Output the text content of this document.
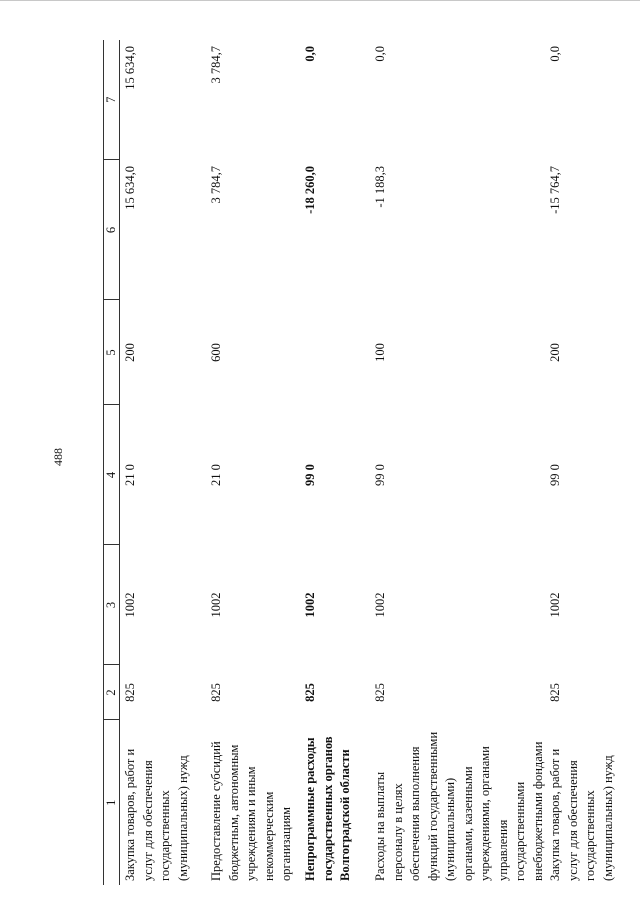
488
1	2	3	4	5	6	7
Закупка товаров, работ и услуг для обеспечения государственных (муниципальных) нужд	825	1002	21 0	200	15 634,0	15 634,0
Предоставление субсидий бюджетным, автономным учреждениям и иным некоммерческим организациям	825	1002	21 0	600	3 784,7	3 784,7
Непрограммные расходы государственных органов Волгоградской области	825	1002	99 0		-18 260,0	0,0
Расходы на выплаты персоналу в целях обеспечения выполнения функций государственными (муниципальными) органами, казенными учреждениями, органами управления государственными внебюджетными фондами	825	1002	99 0	100	-1 188,3	0,0
Закупка товаров, работ и услуг для обеспечения государственных (муниципальных) нужд	825	1002	99 0	200	-15 764,7	0,0
